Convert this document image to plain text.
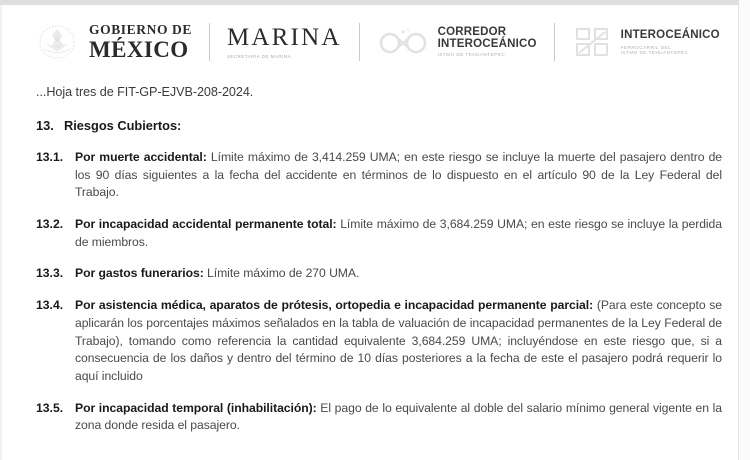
GOBIERNO DE
MÉXICO MARINA
SECRETARÍA DE MARINA
CORREDOR
INTEROCEÁNICO
ISTMO DE TEHUANTEPEC
INTEROCEÁNICO
FERROCARRIL DEL
ISTMO DE TEHUANTEPEC

...Hoja tres de FIT-GP-EJVB-208-2024.

13. Riesgos Cubiertos:
13.1. Por muerte accidental: Límite máximo de 3,414.259 UMA; en este riesgo se incluye la muerte del pasajero dentro de los 90 días siguientes a la fecha del accidente en términos de lo dispuesto en el artículo 90 de la Ley Federal del Trabajo.
13.2. Por incapacidad accidental permanente total: Límite máximo de 3,684.259 UMA; en este riesgo se incluye la perdida de miembros.
13.3. Por gastos funerarios: Límite máximo de 270 UMA.
13.4. Por asistencia médica, aparatos de prótesis, ortopedia e incapacidad permanente parcial: (Para este concepto se aplicarán los porcentajes máximos señalados en la tabla de valuación de incapacidad permanentes de la Ley Federal de Trabajo), tomando como referencia la cantidad equivalente 3,684.259 UMA; incluyéndose en este riesgo que, si a consecuencia de los daños y dentro del término de 10 días posteriores a la fecha de este el pasajero podrá requerir lo aquí incluido
13.5. Por incapacidad temporal (inhabilitación): El pago de lo equivalente al doble del salario mínimo general vigente en la zona donde resida el pasajero.
